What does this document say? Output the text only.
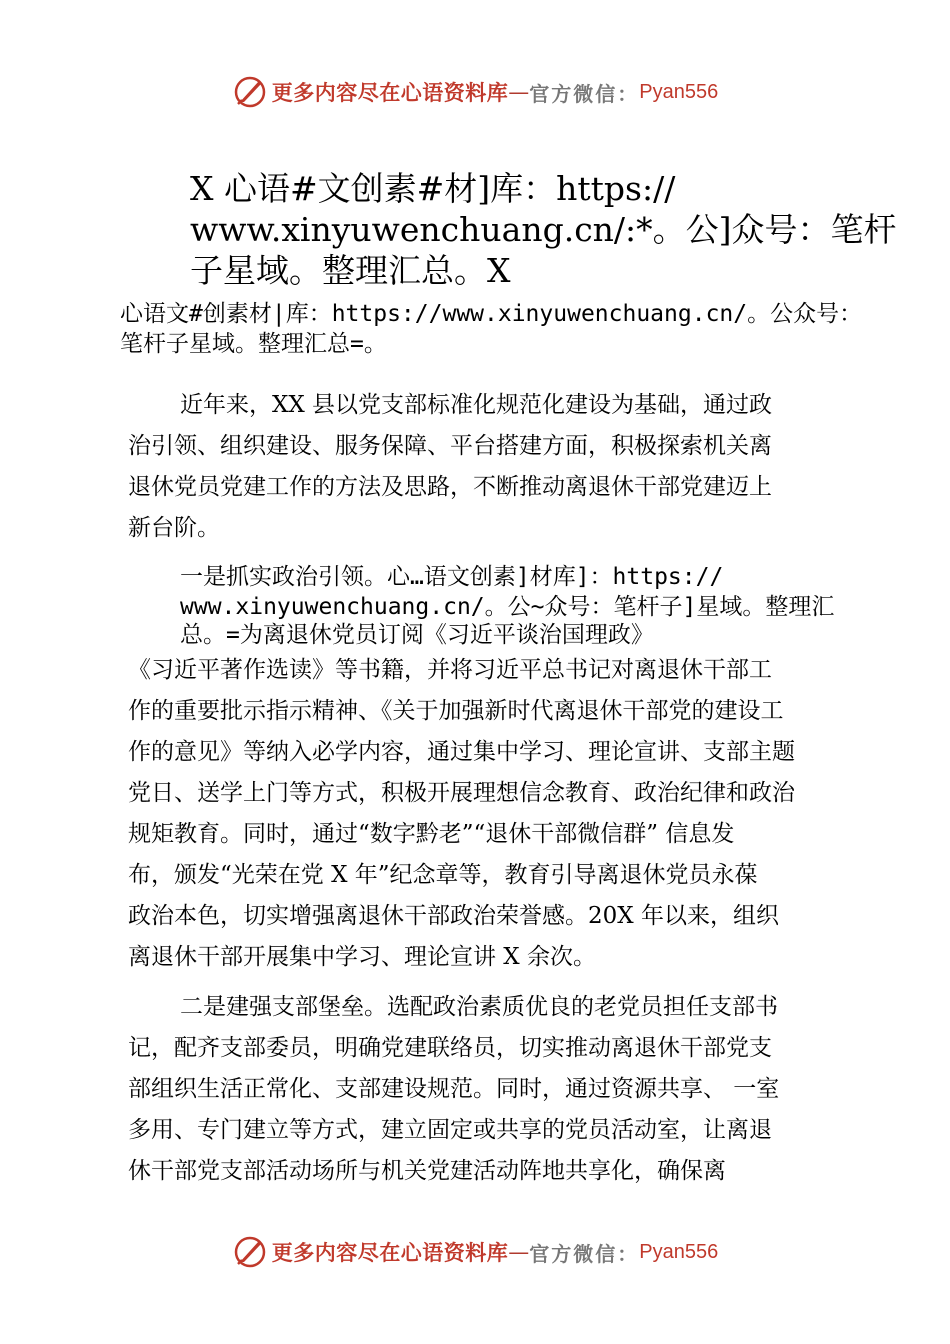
更多内容尽在心语资料库 — 官方微信： Pyan556
X 心语#文创素#材]库：https://
www.xinyuwenchuang.cn/:*。公]众号：笔杆
子星域。整理汇总。X
心语文#创素材|库：https://www.xinyuwenchuang.cn/。公众号：
笔杆子星域。整理汇总=。
近年来，XX 县以党支部标准化规范化建设为基础，通过政
治引领、组织建设、服务保障、平台搭建方面，积极探索机关离
退休党员党建工作的方法及思路，不断推动离退休干部党建迈上
新台阶。
一是抓实政治引领。心…语文创素]材库]：https://
www.xinyuwenchuang.cn/。公~众号：笔杆子]星域。整理汇
总。=为离退休党员订阅《习近平谈治国理政》
《习近平著作选读》等书籍，并将习近平总书记对离退休干部工
作的重要批示指示精神、《关于加强新时代离退休干部党的建设工
作的意见》等纳入必学内容，通过集中学习、理论宣讲、支部主题
党日、送学上门等方式，积极开展理想信念教育、政治纪律和政治
规矩教育。同时，通过“数字黔老”“退休干部微信群” 信息发
布，颁发“光荣在党 X 年”纪念章等，教育引导离退休党员永葆
政治本色，切实增强离退休干部政治荣誉感。20X 年以来，组织
离退休干部开展集中学习、理论宣讲 X 余次。
二是建强支部堡垒。选配政治素质优良的老党员担任支部书
记，配齐支部委员，明确党建联络员，切实推动离退休干部党支
部组织生活正常化、支部建设规范。同时，通过资源共享、 一室
多用、专门建立等方式，建立固定或共享的党员活动室，让离退
休干部党支部活动场所与机关党建活动阵地共享化，确保离
更多内容尽在心语资料库 — 官方微信： Pyan556
